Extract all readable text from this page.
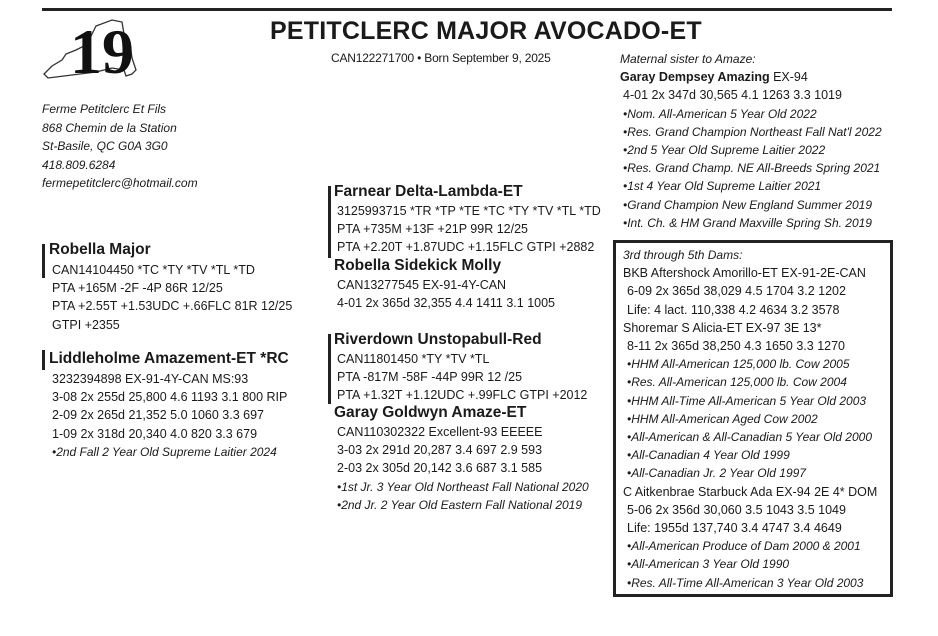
19	PETITCLERC MAJOR AVOCADO-ET
CAN122271700 • Born September 9, 2025
Ferme Petitclerc Et Fils
868 Chemin de la Station
St-Basile, QC G0A 3G0
418.809.6284
fermepetitclerc@hotmail.com
Robella Major
CAN14104450 *TC *TY *TV *TL *TD
PTA +165M -2F -4P 86R 12/25
PTA +2.55T +1.53UDC +.66FLC 81R 12/25
GTPI +2355
Liddleholme Amazement-ET *RC
3232394898 EX-91-4Y-CAN MS:93
3-08 2x 255d 25,800 4.6 1193 3.1 800 RIP
2-09 2x 265d 21,352 5.0 1060 3.3 697
1-09 2x 318d 20,340 4.0 820 3.3 679
•2nd Fall 2 Year Old Supreme Laitier 2024
Farnear Delta-Lambda-ET
3125993715 *TR *TP *TE *TC *TY *TV *TL *TD
PTA +735M +13F +21P 99R 12/25
PTA +2.20T +1.87UDC +1.15FLC GTPI +2882
Robella Sidekick Molly
CAN13277545 EX-91-4Y-CAN
4-01 2x 365d 32,355 4.4 1411 3.1 1005
Riverdown Unstopabull-Red
CAN11801450 *TY *TV *TL
PTA -817M -58F -44P 99R 12 /25
PTA +1.32T +1.12UDC +.99FLC GTPI +2012
Garay Goldwyn Amaze-ET
CAN110302322 Excellent-93 EEEEE
3-03 2x 291d 20,287 3.4 697 2.9 593
2-03 2x 305d 20,142 3.6 687 3.1 585
•1st Jr. 3 Year Old Northeast Fall National 2020
•2nd Jr. 2 Year Old Eastern Fall National 2019
Maternal sister to Amaze:
Garay Dempsey Amazing EX-94
4-01 2x 347d 30,565 4.1 1263 3.3 1019
•Nom. All-American 5 Year Old 2022
•Res. Grand Champion Northeast Fall Nat'l 2022
•2nd 5 Year Old Supreme Laitier 2022
•Res. Grand Champ. NE All-Breeds Spring 2021
•1st 4 Year Old Supreme Laitier 2021
•Grand Champion New England Summer 2019
•Int. Ch. & HM Grand Maxville Spring Sh. 2019
3rd through 5th Dams:
BKB Aftershock Amorillo-ET EX-91-2E-CAN
6-09 2x 365d 38,029 4.5 1704 3.2 1202
Life: 4 lact. 110,338 4.2 4634 3.2 3578
Shoremar S Alicia-ET EX-97 3E 13*
8-11 2x 365d 38,250 4.3 1650 3.3 1270
•HHM All-American 125,000 lb. Cow 2005
•Res. All-American 125,000 lb. Cow 2004
•HHM All-Time All-American 5 Year Old 2003
•HHM All-American Aged Cow 2002
•All-American & All-Canadian 5 Year Old 2000
•All-Canadian 4 Year Old 1999
•All-Canadian Jr. 2 Year Old 1997
C Aitkenbrae Starbuck Ada EX-94 2E 4* DOM
5-06 2x 356d 30,060 3.5 1043 3.5 1049
Life: 1955d 137,740 3.4 4747 3.4 4649
•All-American Produce of Dam 2000 & 2001
•All-American 3 Year Old 1990
•Res. All-Time All-American 3 Year Old 2003
